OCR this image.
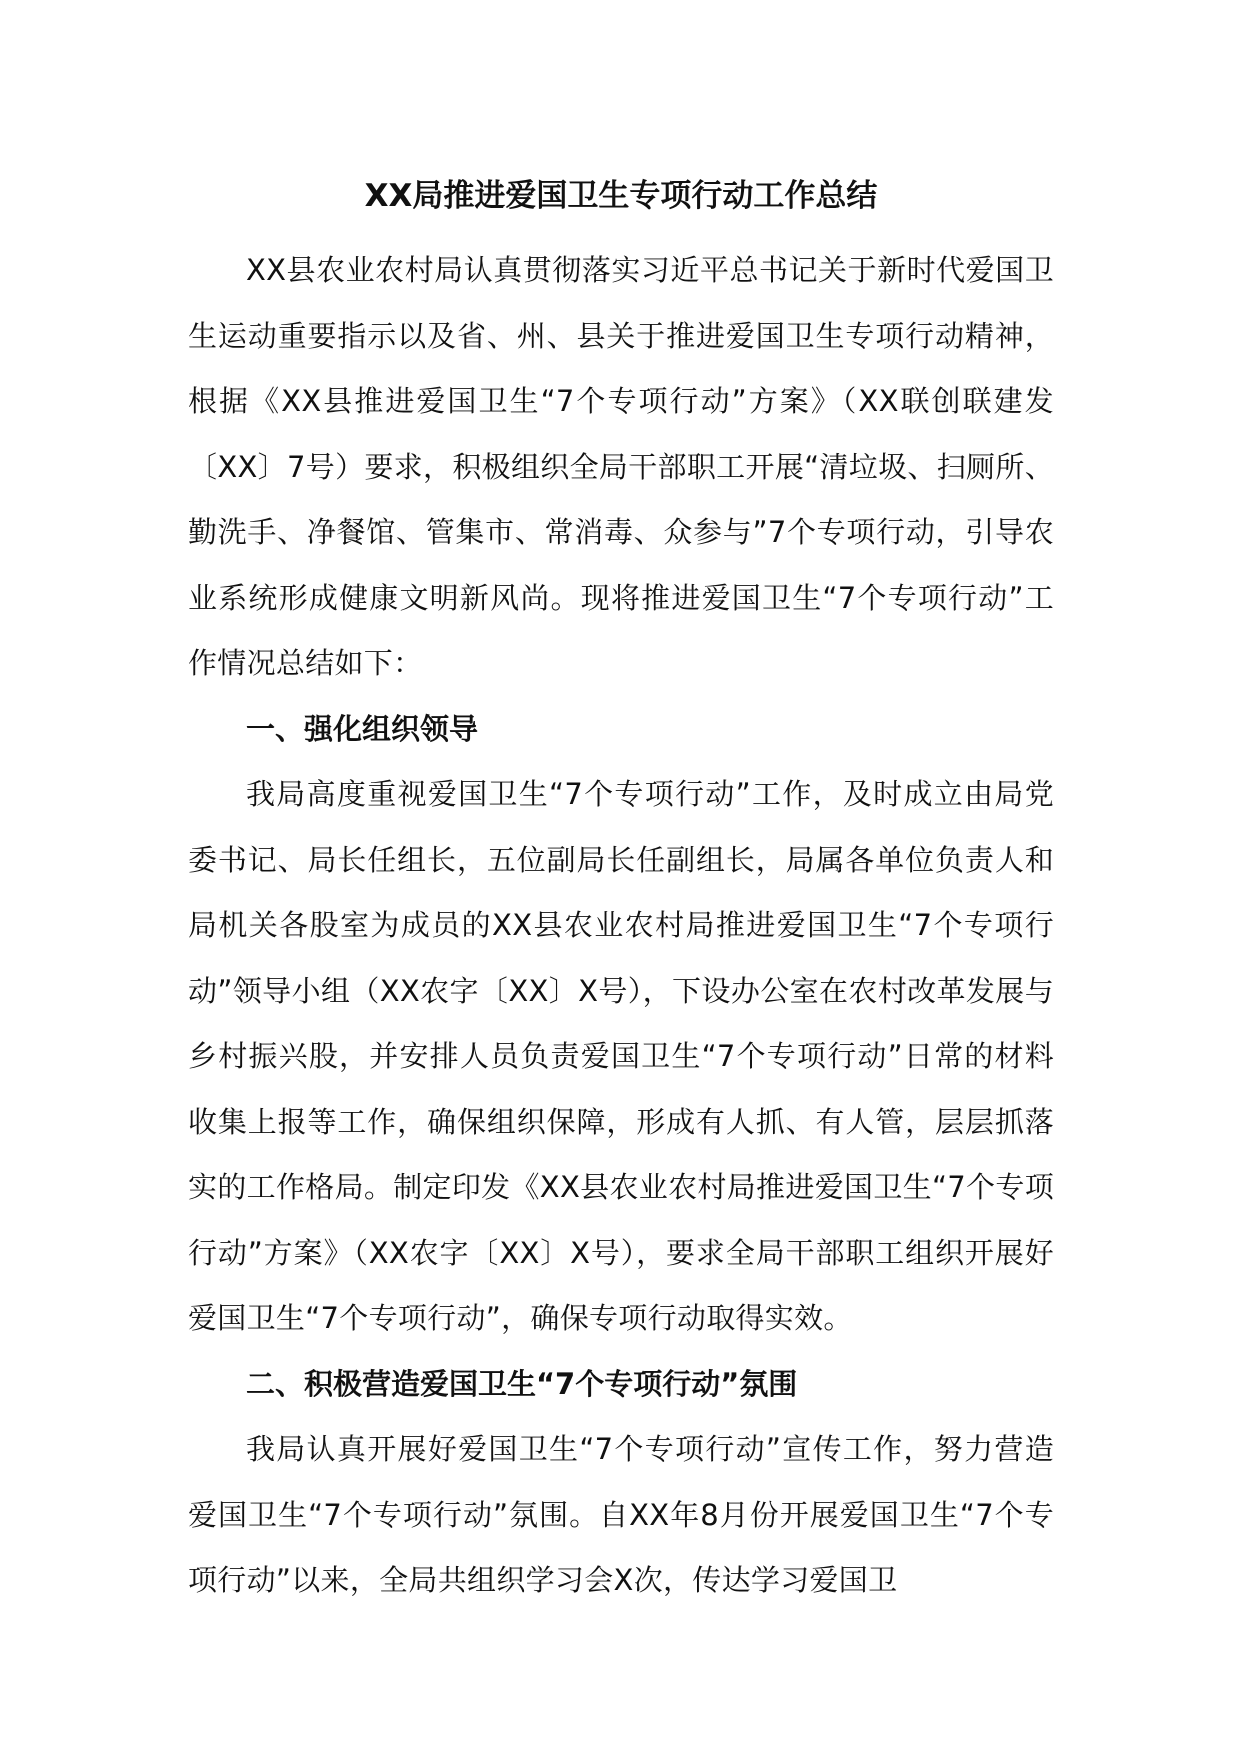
XX局推进爱国卫生专项行动工作总结

XX县农业农村局认真贯彻落实习近平总书记关于新时代爱国卫生运动重要指示以及省、州、县关于推进爱国卫生专项行动精神，根据《XX县推进爱国卫生“7个专项行动”方案》（XX联创联建发〔XX〕7号）要求，积极组织全局干部职工开展“清垃圾、扫厕所、勤洗手、净餐馆、管集市、常消毒、众参与”7个专项行动，引导农业系统形成健康文明新风尚。现将推进爱国卫生“7个专项行动”工作情况总结如下：

一、强化组织领导

我局高度重视爱国卫生“7个专项行动”工作，及时成立由局党委书记、局长任组长，五位副局长任副组长，局属各单位负责人和局机关各股室为成员的XX县农业农村局推进爱国卫生“7个专项行动”领导小组（XX农字〔XX〕X号），下设办公室在农村改革发展与乡村振兴股，并安排人员负责爱国卫生“7个专项行动”日常的材料收集上报等工作，确保组织保障，形成有人抓、有人管，层层抓落实的工作格局。制定印发《XX县农业农村局推进爱国卫生“7个专项行动”方案》（XX农字〔XX〕X号），要求全局干部职工组织开展好爱国卫生“7个专项行动”，确保专项行动取得实效。

二、积极营造爱国卫生“7个专项行动”氛围

我局认真开展好爱国卫生“7个专项行动”宣传工作，努力营造爱国卫生“7个专项行动”氛围。自XX年8月份开展爱国卫生“7个专项行动”以来，全局共组织学习会X次，传达学习爱国卫
